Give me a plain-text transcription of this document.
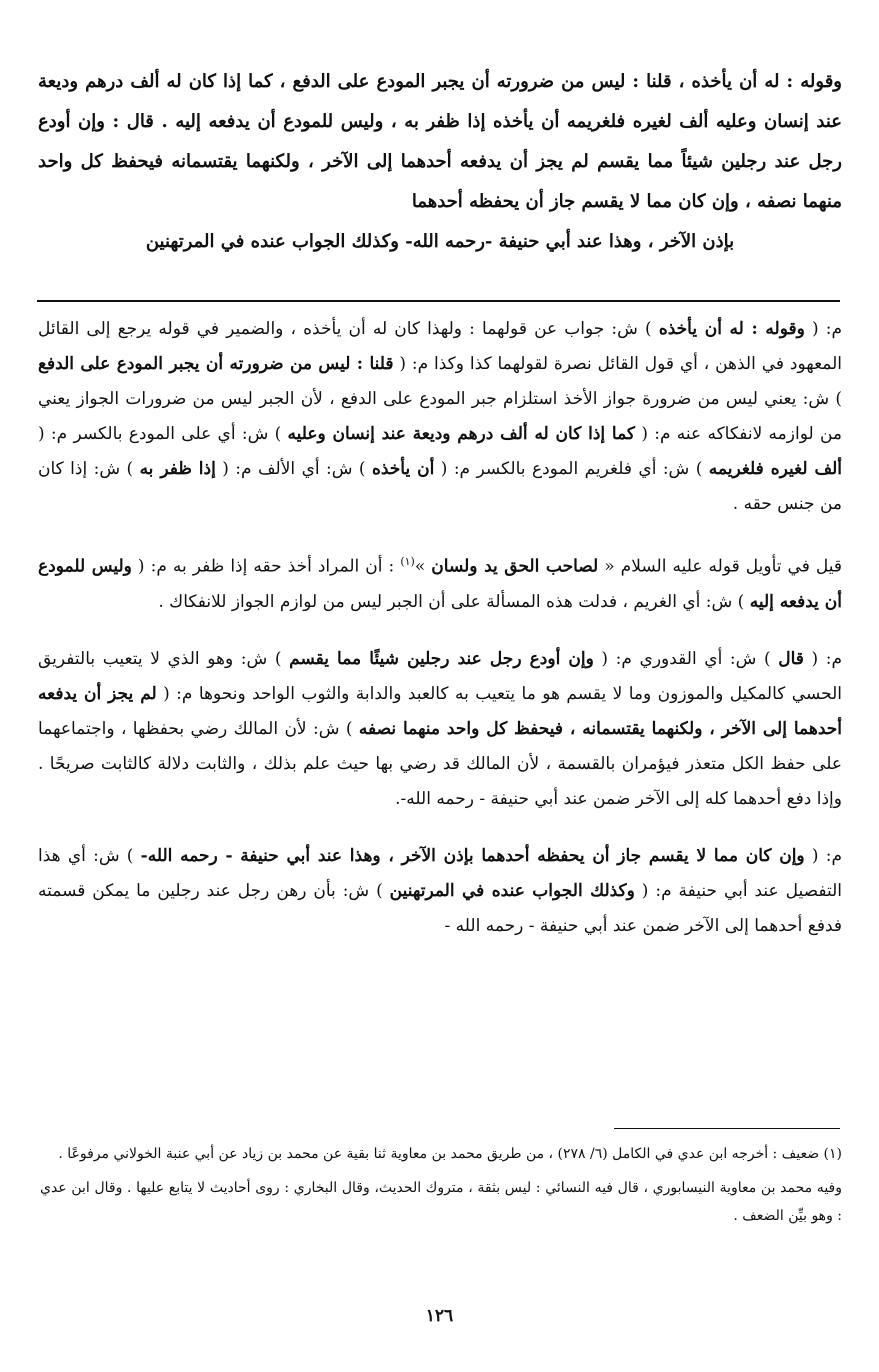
وقوله : له أن يأخذه ، قلنا : ليس من ضرورته أن يجبر المودع على الدفع ، كما إذا كان له ألف درهم وديعة عند إنسان وعليه ألف لغيره فلغريمه أن يأخذه إذا ظفر به ، وليس للمودع أن يدفعه إليه . قال : وإن أودع رجل عند رجلين شيئاً مما يقسم لم يجز أن يدفعه أحدهما إلى الآخر ، ولكنهما يقتسمانه فيحفظ كل واحد منهما نصفه ، وإن كان مما لا يقسم جاز أن يحفظه أحدهما

بإذن الآخر ، وهذا عند أبي حنيفة -رحمه الله- وكذلك الجواب عنده في المرتهنين

م: ( وقوله : له أن يأخذه ) ش: جواب عن قولهما : ولهذا كان له أن يأخذه ، والضمير في قوله يرجع إلى القائل المعهود في الذهن ، أي قول القائل نصرة لقولهما كذا وكذا م: ( قلنا : ليس من ضرورته أن يجبر المودع على الدفع ) ش: يعني ليس من ضرورة جواز الأخذ استلزام جبر المودع على الدفع ، لأن الجبر ليس من ضرورات الجواز يعني من لوازمه لانفكاكه عنه م: ( كما إذا كان له ألف درهم وديعة عند إنسان وعليه ) ش: أي على المودع بالكسر م: ( ألف لغيره فلغريمه ) ش: أي فلغريم المودع بالكسر م: ( أن يأخذه ) ش: أي الألف م: ( إذا ظفر به ) ش: إذا كان من جنس حقه .

قيل في تأويل قوله عليه السلام « لصاحب الحق يد ولسان »$^{(١)}$ : أن المراد أخذ حقه إذا ظفر به م: ( وليس للمودع أن يدفعه إليه ) ش: أي الغريم ، فدلت هذه المسألة على أن الجبر ليس من لوازم الجواز للانفكاك .

م: ( قال ) ش: أي القدوري م: ( وإن أودع رجل عند رجلين شيئًا مما يقسم ) ش: وهو الذي لا يتعيب بالتفريق الحسي كالمكيل والموزون وما لا يقسم هو ما يتعيب به كالعبد والدابة والثوب الواحد ونحوها م: ( لم يجز أن يدفعه أحدهما إلى الآخر ، ولكنهما يقتسمانه ، فيحفظ كل واحد منهما نصفه ) ش: لأن المالك رضي بحفظها ، واجتماعهما على حفظ الكل متعذر فيؤمران بالقسمة ، لأن المالك قد رضي بها حيث علم بذلك ، والثابت دلالة كالثابت صريحًا . وإذا دفع أحدهما كله إلى الآخر ضمن عند أبي حنيفة - رحمه الله-.

م: ( وإن كان مما لا يقسم جاز أن يحفظه أحدهما بإذن الآخر ، وهذا عند أبي حنيفة - رحمه الله- ) ش: أي هذا التفصيل عند أبي حنيفة م: ( وكذلك الجواب عنده في المرتهنين ) ش: بأن رهن رجل عند رجلين ما يمكن قسمته فدفع أحدهما إلى الآخر ضمن عند أبي حنيفة - رحمه الله -

(١) ضعيف : أخرجه ابن عدي في الكامل (٦/ ٢٧٨) ، من طريق محمد بن معاوية ثنا بقية عن محمد بن زياد عن أبي عنبة الخولاني مرفوعًا .

وفيه محمد بن معاوية النيسابوري ، قال فيه النسائي : ليس بثقة ، متروك الحديث، وقال البخاري : روى أحاديث لا يتابع عليها . وقال ابن عدي : وهو بيِّن الضعف .

١٢٦
